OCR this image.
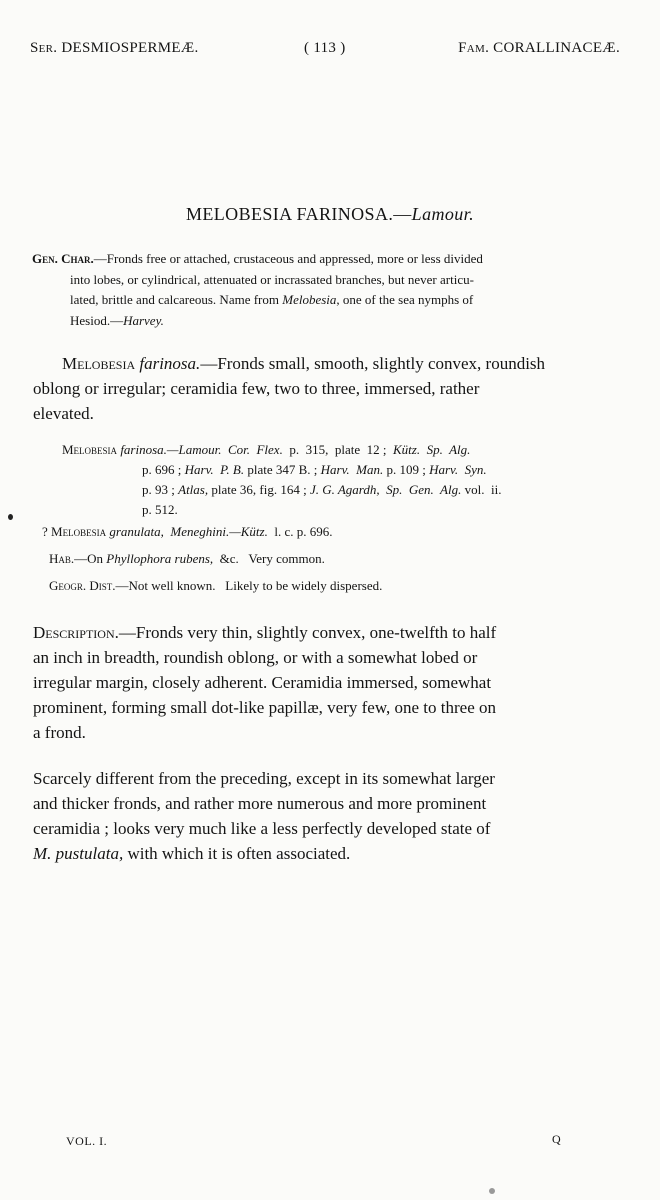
Ser. DESMIOSPERMEÆ.	( 113 )	Fam. CORALLINACEÆ.
MELOBESIA FARINOSA.—Lamour.
Gen. Char.—Fronds free or attached, crustaceous and appressed, more or less divided
into lobes, or cylindrical, attenuated or incrassated branches, but never articu-
lated, brittle and calcareous. Name from Melobesia, one of the sea nymphs of
Hesiod.—Harvey.
Melobesia farinosa.—Fronds small, smooth, slightly convex, roundish
oblong or irregular; ceramidia few, two to three, immersed, rather
elevated.
Melobesia farinosa.—Lamour.  Cor.  Flex.  p.  315,  plate  12 ;  Kütz.  Sp.  Alg.
p. 696 ; Harv.  P. B. plate 347 B. ; Harv.  Man. p. 109 ; Harv.  Syn.
p. 93 ; Atlas, plate 36, fig. 164 ; J. G. Agardh,  Sp.  Gen.  Alg. vol.  ii.
p. 512.
? Melobesia granulata,  Meneghini.—Kütz.  l. c. p. 696.
Hab.—On Phyllophora rubens,  &c.   Very common.
Geogr. Dist.—Not well known.   Likely to be widely dispersed.
Description.—Fronds very thin, slightly convex, one-twelfth to half
an inch in breadth, roundish oblong, or with a somewhat lobed or
irregular margin, closely adherent. Ceramidia immersed, somewhat
prominent, forming small dot-like papillæ, very few, one to three on
a frond.
Scarcely different from the preceding, except in its somewhat larger
and thicker fronds, and rather more numerous and more prominent
ceramidia ; looks very much like a less perfectly developed state of
M. pustulata, with which it is often associated.
VOL. I.	Q
